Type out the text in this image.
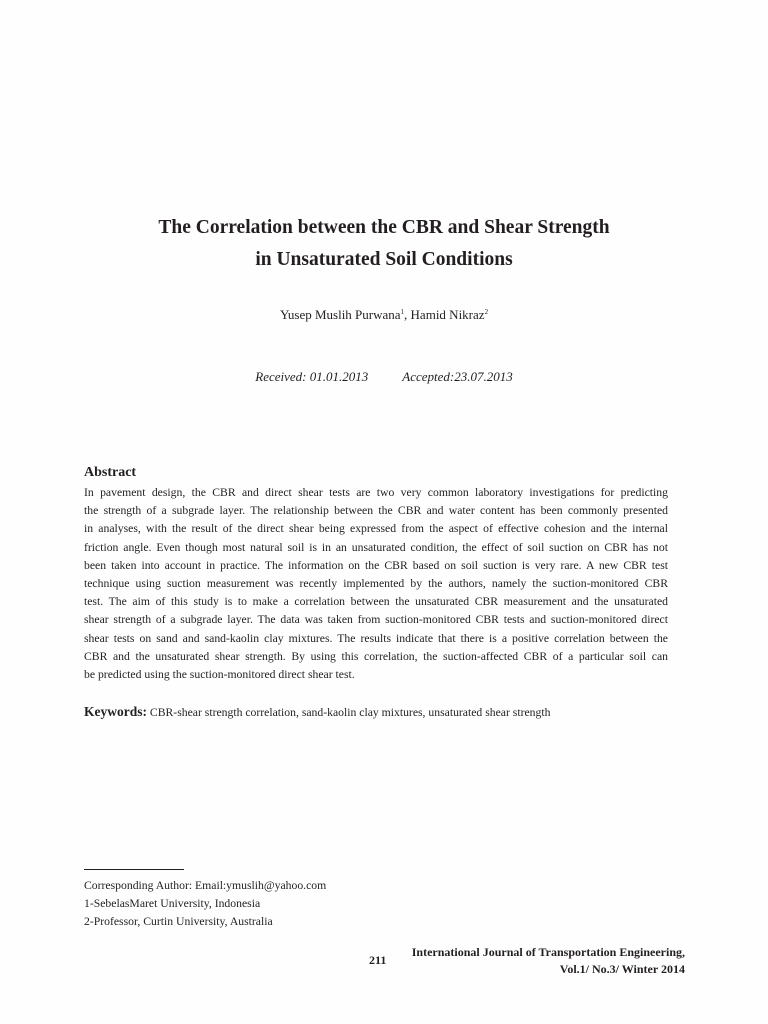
The Correlation between the CBR and Shear Strength
in Unsaturated Soil Conditions
Yusep Muslih Purwana$^1$, Hamid Nikraz$^2$
Received: 01.01.2013	Accepted:23.07.2013
Abstract
In pavement design, the CBR and direct shear tests are two very common laboratory investigations for predicting
the strength of a subgrade layer. The relationship between the CBR and water content has been commonly presented
in analyses, with the result of the direct shear being expressed from the aspect of effective cohesion and the internal
friction angle. Even though most natural soil is in an unsaturated condition, the effect of soil suction on CBR has not
been taken into account in practice. The information on the CBR based on soil suction is very rare. A new CBR test
technique using suction measurement was recently implemented by the authors, namely the suction-monitored CBR
test. The aim of this study is to make a correlation between the unsaturated CBR measurement and the unsaturated
shear strength of a subgrade layer. The data was taken from suction-monitored CBR tests and suction-monitored direct
shear tests on sand and sand-kaolin clay mixtures. The results indicate that there is a positive correlation between the
CBR and the unsaturated shear strength. By using this correlation, the suction-affected CBR of a particular soil can
be predicted using the suction-monitored direct shear test.
Keywords: CBR-shear strength correlation, sand-kaolin clay mixtures, unsaturated shear strength
Corresponding Author: Email:ymuslih@yahoo.com
1-SebelasMaret University, Indonesia
2-Professor, Curtin University, Australia
211
International Journal of Transportation Engineering,
Vol.1/ No.3/ Winter 2014
